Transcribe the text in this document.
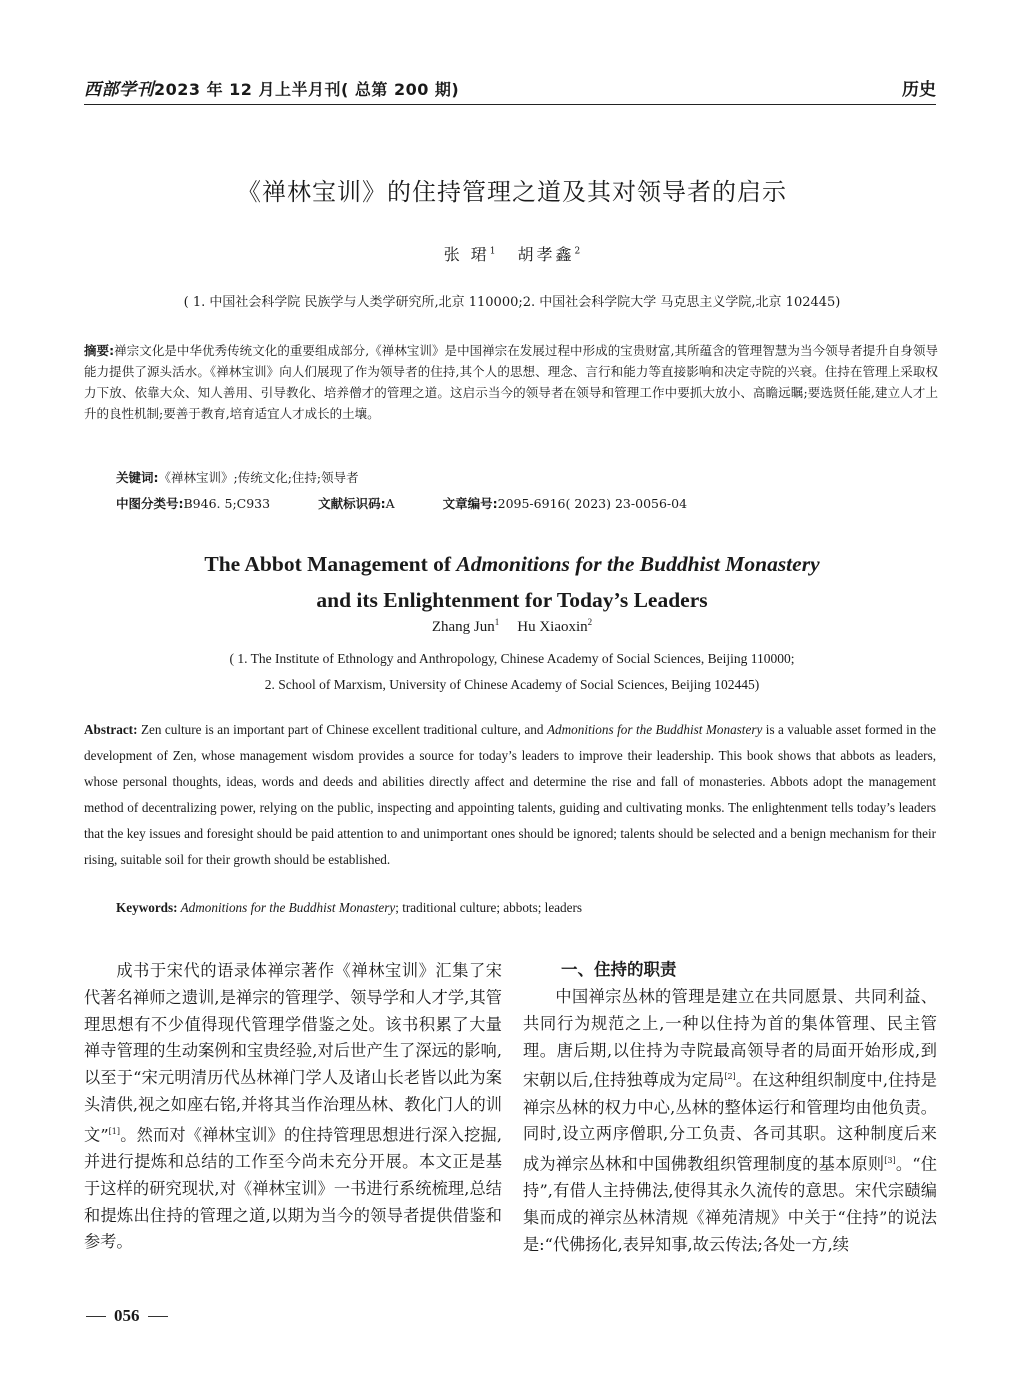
西部学刊2023 年 12 月上半月刊( 总第 200 期)	历史
《禅林宝训》的住持管理之道及其对领导者的启示
张 珺$^1$ 胡孝鑫$^2$
( 1. 中国社会科学院 民族学与人类学研究所,北京 110000;2. 中国社会科学院大学 马克思主义学院,北京 102445)
摘要:禅宗文化是中华优秀传统文化的重要组成部分,《禅林宝训》是中国禅宗在发展过程中形成的宝贵财富,其所蕴含的管理智慧为当今领导者提升自身领导能力提供了源头活水。《禅林宝训》向人们展现了作为领导者的住持,其个人的思想、理念、言行和能力等直接影响和决定寺院的兴衰。住持在管理上采取权力下放、依靠大众、知人善用、引导教化、培养僧才的管理之道。这启示当今的领导者在领导和管理工作中要抓大放小、高瞻远瞩;要选贤任能,建立人才上升的良性机制;要善于教育,培育适宜人才成长的土壤。
关键词:《禅林宝训》;传统文化;住持;领导者
中图分类号:B946. 5;C933	文献标识码:A	文章编号:2095-6916( 2023) 23-0056-04
The Abbot Management of Admonitions for the Buddhist Monastery
and its Enlightenment for Today’s Leaders
Zhang Jun$^1$ Hu Xiaoxin$^2$
( 1. The Institute of Ethnology and Anthropology, Chinese Academy of Social Sciences, Beijing 110000;
2. School of Marxism, University of Chinese Academy of Social Sciences, Beijing 102445)
Abstract: Zen culture is an important part of Chinese excellent traditional culture, and Admonitions for the Buddhist Monastery is a valuable asset formed in the development of Zen, whose management wisdom provides a source for today’s leaders to improve their leadership. This book shows that abbots as leaders, whose personal thoughts, ideas, words and deeds and abilities directly affect and determine the rise and fall of monasteries. Abbots adopt the management method of decentralizing power, relying on the public, inspecting and appointing talents, guiding and cultivating monks. The enlightenment tells today’s leaders that the key issues and foresight should be paid attention to and unimportant ones should be ignored; talents should be selected and a benign mechanism for their rising, suitable soil for their growth should be established.
Keywords: Admonitions for the Buddhist Monastery; traditional culture; abbots; leaders

成书于宋代的语录体禅宗著作《禅林宝训》汇集了宋代著名禅师之遗训,是禅宗的管理学、领导学和人才学,其管理思想有不少值得现代管理学借鉴之处。该书积累了大量禅寺管理的生动案例和宝贵经验,对后世产生了深远的影响,以至于“宋元明清历代丛林禅门学人及诸山长老皆以此为案头清供,视之如座右铭,并将其当作治理丛林、教化门人的训文”[1]。然而对《禅林宝训》的住持管理思想进行深入挖掘,并进行提炼和总结的工作至今尚未充分开展。本文正是基于这样的研究现状,对《禅林宝训》一书进行系统梳理,总结和提炼出住持的管理之道,以期为当今的领导者提供借鉴和参考。

一、住持的职责

中国禅宗丛林的管理是建立在共同愿景、共同利益、共同行为规范之上,一种以住持为首的集体管理、民主管理。唐后期,以住持为寺院最高领导者的局面开始形成,到宋朝以后,住持独尊成为定局[2]。在这种组织制度中,住持是禅宗丛林的权力中心,丛林的整体运行和管理均由他负责。同时,设立两序僧职,分工负责、各司其职。这种制度后来成为禅宗丛林和中国佛教组织管理制度的基本原则[3]。“住持”,有借人主持佛法,使得其永久流传的意思。宋代宗赜编集而成的禅宗丛林清规《禅苑清规》中关于“住持”的说法是:“代佛扬化,表异知事,故云传法;各处一方,续

056
